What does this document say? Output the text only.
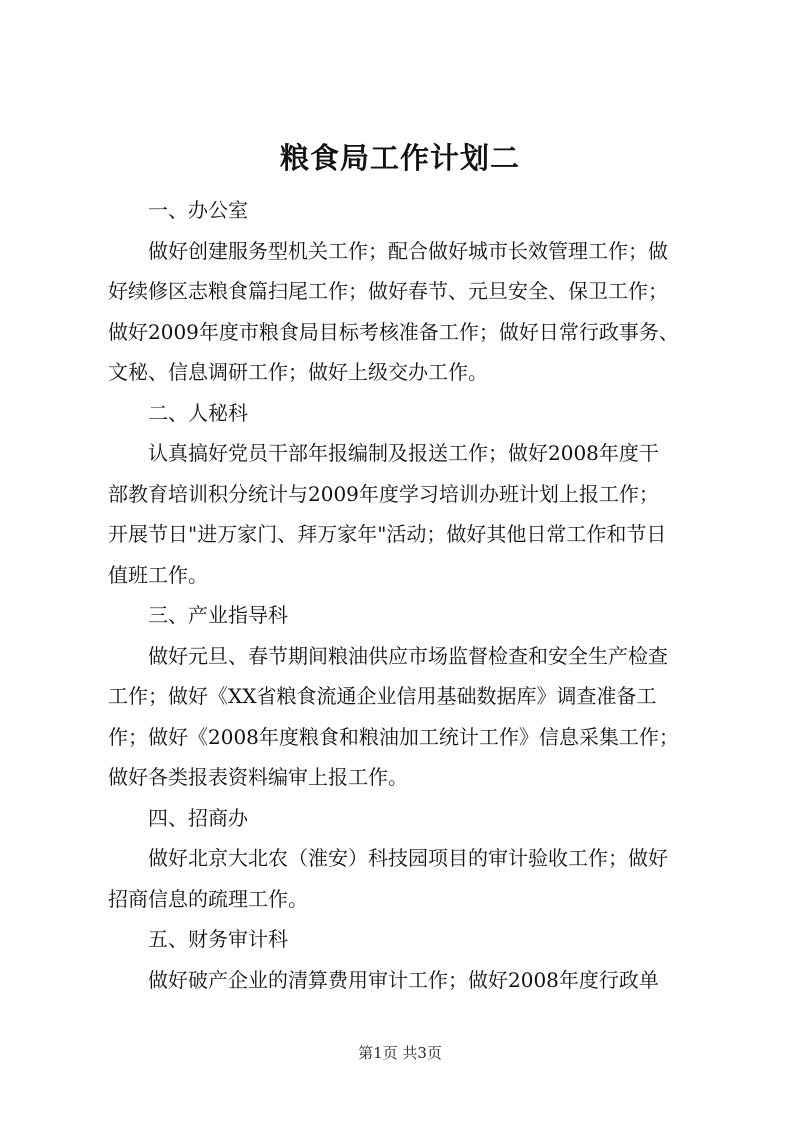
粮食局工作计划二
一、办公室
做好创建服务型机关工作；配合做好城市长效管理工作；做
好续修区志粮食篇扫尾工作；做好春节、元旦安全、保卫工作；
做好2009年度市粮食局目标考核准备工作；做好日常行政事务、
文秘、信息调研工作；做好上级交办工作。
二、人秘科
认真搞好党员干部年报编制及报送工作；做好2008年度干
部教育培训积分统计与2009年度学习培训办班计划上报工作；
开展节日"进万家门、拜万家年"活动；做好其他日常工作和节日
值班工作。
三、产业指导科
做好元旦、春节期间粮油供应市场监督检查和安全生产检查
工作；做好《XX省粮食流通企业信用基础数据库》调查准备工
作；做好《2008年度粮食和粮油加工统计工作》信息采集工作；
做好各类报表资料编审上报工作。
四、招商办
做好北京大北农（淮安）科技园项目的审计验收工作；做好
招商信息的疏理工作。
五、财务审计科
做好破产企业的清算费用审计工作；做好2008年度行政单
第1页 共3页
